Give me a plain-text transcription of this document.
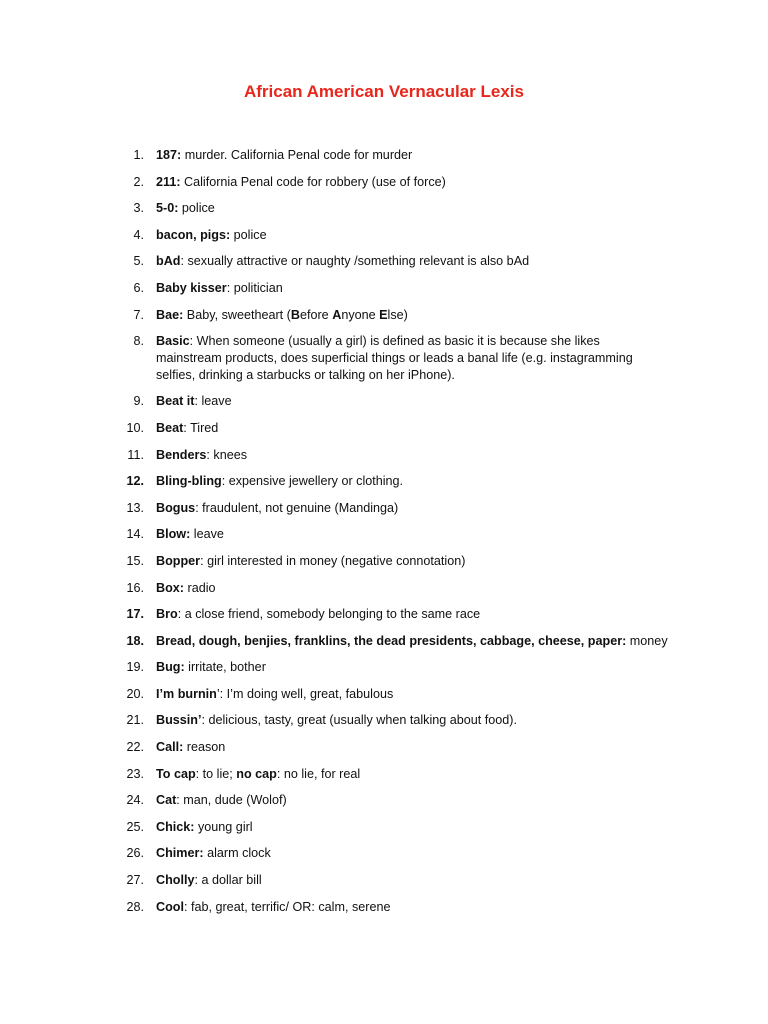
African American Vernacular Lexis
1. 187: murder. California Penal code for murder
2. 211: California Penal code for robbery (use of force)
3. 5-0: police
4. bacon, pigs: police
5. bAd: sexually attractive or naughty /something relevant is also bAd
6. Baby kisser: politician
7. Bae: Baby, sweetheart (Before Anyone Else)
8. Basic: When someone (usually a girl) is defined as basic it is because she likes mainstream products, does superficial things or leads a banal life (e.g. instagramming selfies, drinking a starbucks or talking on her iPhone).
9. Beat it: leave
10. Beat: Tired
11. Benders: knees
12. Bling-bling: expensive jewellery or clothing.
13. Bogus: fraudulent, not genuine (Mandinga)
14. Blow: leave
15. Bopper: girl interested in money (negative connotation)
16. Box: radio
17. Bro: a close friend, somebody belonging to the same race
18. Bread, dough, benjies, franklins, the dead presidents, cabbage, cheese, paper: money
19. Bug: irritate, bother
20. I’m burnin’: I’m doing well, great, fabulous
21. Bussin’: delicious, tasty, great (usually when talking about food).
22. Call: reason
23. To cap: to lie; no cap: no lie, for real
24. Cat: man, dude (Wolof)
25. Chick: young girl
26. Chimer: alarm clock
27. Cholly: a dollar bill
28. Cool: fab, great, terrific/ OR: calm, serene
